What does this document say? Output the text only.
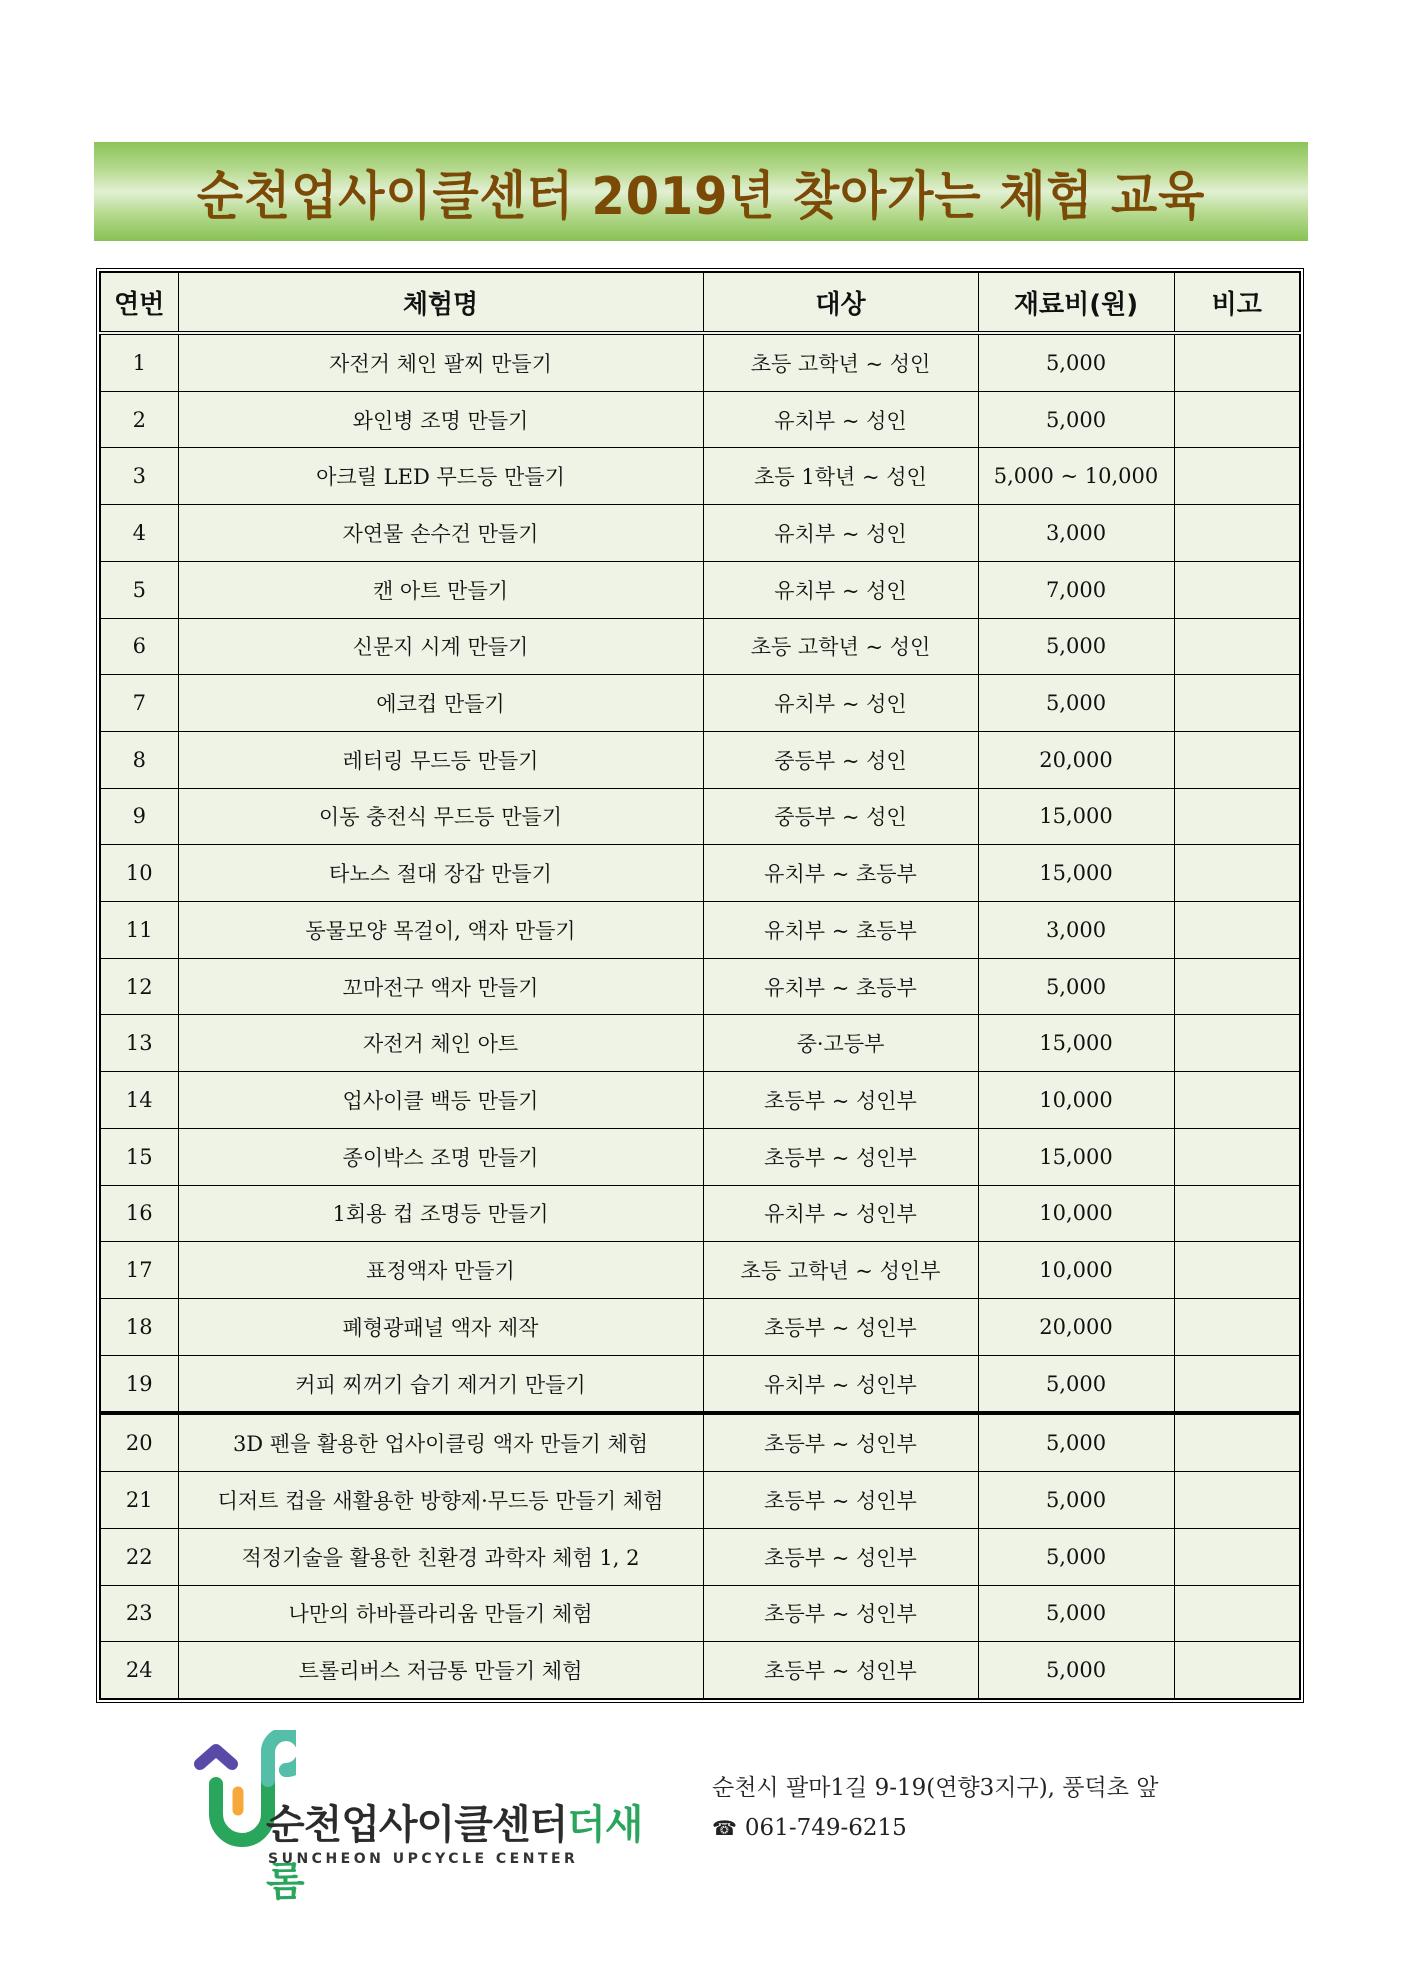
순천업사이클센터 2019년 찾아가는 체험 교육
연번	체험명	대상	재료비(원)	비고
1	자전거 체인 팔찌 만들기	초등 고학년 ~ 성인	5,000	
2	와인병 조명 만들기	유치부 ~ 성인	5,000	
3	아크릴 LED 무드등 만들기	초등 1학년 ~ 성인	5,000 ~ 10,000	
4	자연물 손수건 만들기	유치부 ~ 성인	3,000	
5	캔 아트 만들기	유치부 ~ 성인	7,000	
6	신문지 시계 만들기	초등 고학년 ~ 성인	5,000	
7	에코컵 만들기	유치부 ~ 성인	5,000	
8	레터링 무드등 만들기	중등부 ~ 성인	20,000	
9	이동 충전식 무드등 만들기	중등부 ~ 성인	15,000	
10	타노스 절대 장갑 만들기	유치부 ~ 초등부	15,000	
11	동물모양 목걸이, 액자 만들기	유치부 ~ 초등부	3,000	
12	꼬마전구 액자 만들기	유치부 ~ 초등부	5,000	
13	자전거 체인 아트	중·고등부	15,000	
14	업사이클 백등 만들기	초등부 ~ 성인부	10,000	
15	종이박스 조명 만들기	초등부 ~ 성인부	15,000	
16	1회용 컵 조명등 만들기	유치부 ~ 성인부	10,000	
17	표정액자 만들기	초등 고학년 ~ 성인부	10,000	
18	폐형광패널 액자 제작	초등부 ~ 성인부	20,000	
19	커피 찌꺼기 습기 제거기 만들기	유치부 ~ 성인부	5,000	
20	3D 펜을 활용한 업사이클링 액자 만들기 체험	초등부 ~ 성인부	5,000	
21	디저트 컵을 새활용한 방향제·무드등 만들기 체험	초등부 ~ 성인부	5,000	
22	적정기술을 활용한 친환경 과학자 체험 1, 2	초등부 ~ 성인부	5,000	
23	나만의 하바플라리움 만들기 체험	초등부 ~ 성인부	5,000	
24	트롤리버스 저금통 만들기 체험	초등부 ~ 성인부	5,000	
순천업사이클센터더새롬
SUNCHEON UPCYCLE CENTER
순천시 팔마1길 9-19(연향3지구), 풍덕초 앞
☎ 061-749-6215
